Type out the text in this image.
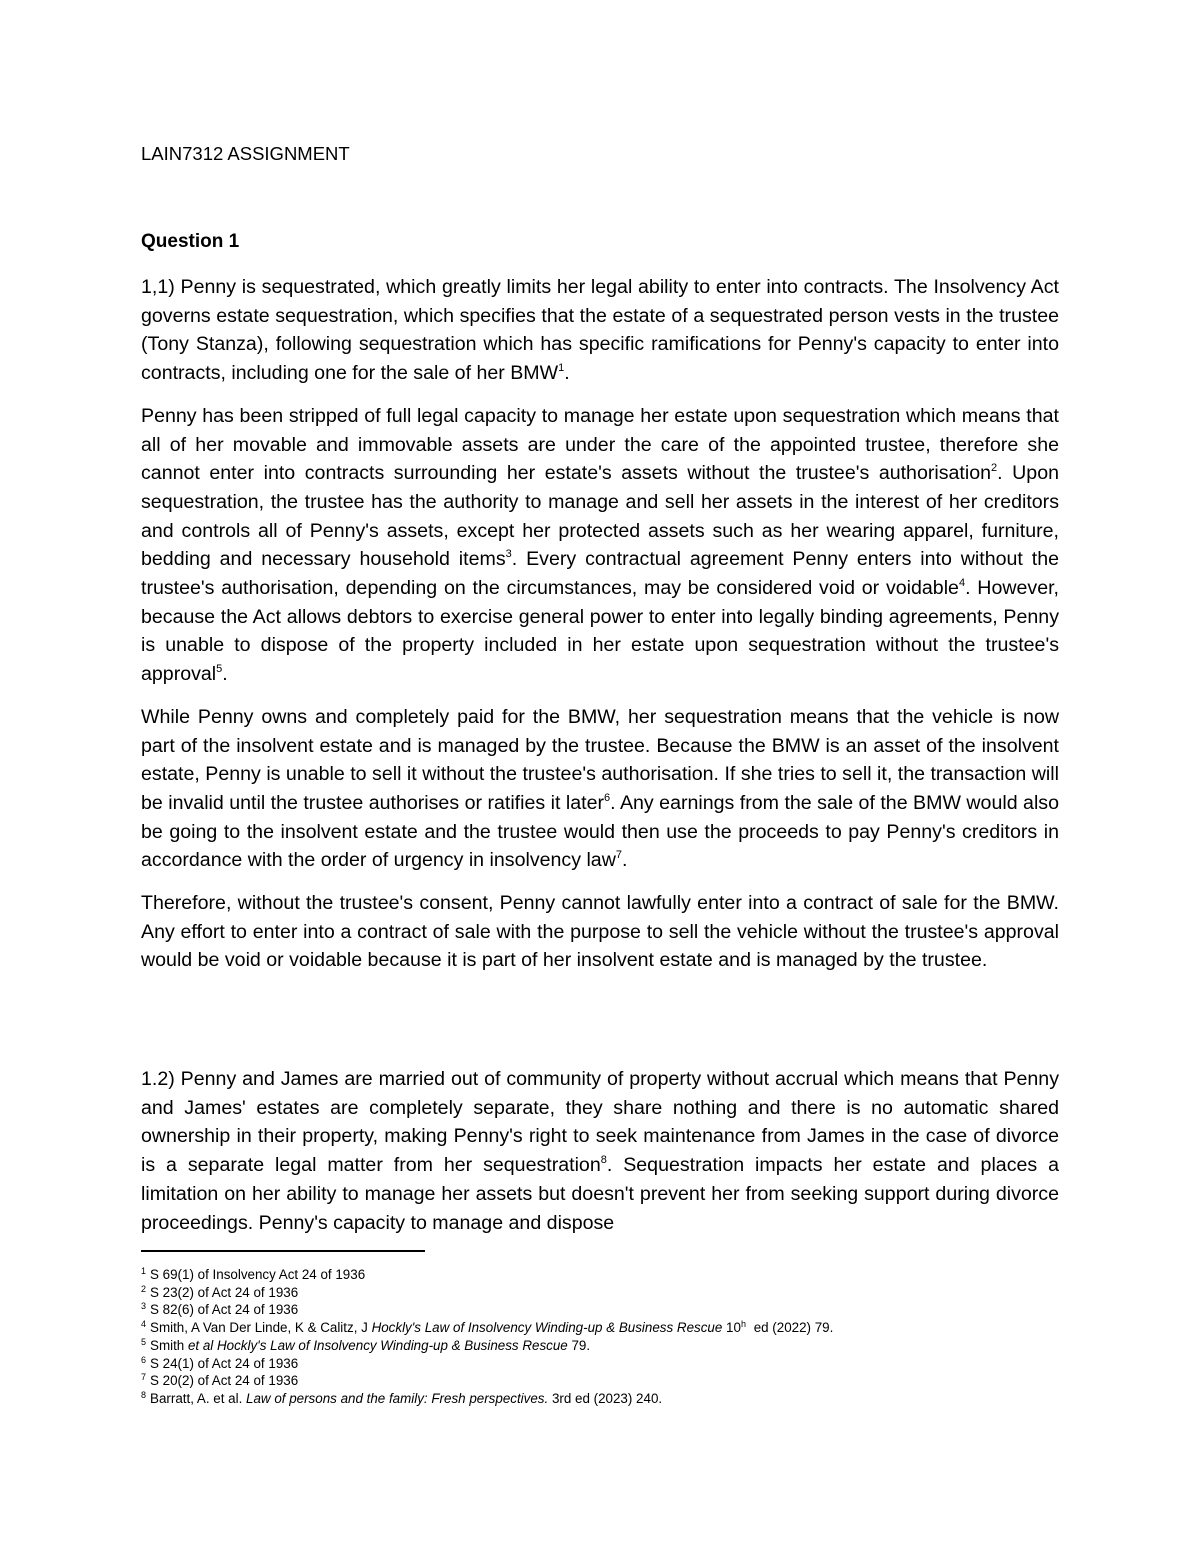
LAIN7312 ASSIGNMENT
Question 1

1,1) Penny is sequestrated, which greatly limits her legal ability to enter into contracts. The Insolvency Act governs estate sequestration, which specifies that the estate of a sequestrated person vests in the trustee (Tony Stanza), following sequestration which has specific ramifications for Penny's capacity to enter into contracts, including one for the sale of her BMW$^1$.

Penny has been stripped of full legal capacity to manage her estate upon sequestration which means that all of her movable and immovable assets are under the care of the appointed trustee, therefore she cannot enter into contracts surrounding her estate's assets without the trustee's authorisation$^2$. Upon sequestration, the trustee has the authority to manage and sell her assets in the interest of her creditors and controls all of Penny's assets, except her protected assets such as her wearing apparel, furniture, bedding and necessary household items$^3$. Every contractual agreement Penny enters into without the trustee's authorisation, depending on the circumstances, may be considered void or voidable$^4$. However, because the Act allows debtors to exercise general power to enter into legally binding agreements, Penny is unable to dispose of the property included in her estate upon sequestration without the trustee's approval$^5$.

While Penny owns and completely paid for the BMW, her sequestration means that the vehicle is now part of the insolvent estate and is managed by the trustee. Because the BMW is an asset of the insolvent estate, Penny is unable to sell it without the trustee's authorisation. If she tries to sell it, the transaction will be invalid until the trustee authorises or ratifies it later$^6$. Any earnings from the sale of the BMW would also be going to the insolvent estate and the trustee would then use the proceeds to pay Penny's creditors in accordance with the order of urgency in insolvency law$^7$.

Therefore, without the trustee's consent, Penny cannot lawfully enter into a contract of sale for the BMW. Any effort to enter into a contract of sale with the purpose to sell the vehicle without the trustee's approval would be void or voidable because it is part of her insolvent estate and is managed by the trustee.

1.2) Penny and James are married out of community of property without accrual which means that Penny and James' estates are completely separate, they share nothing and there is no automatic shared ownership in their property, making Penny's right to seek maintenance from James in the case of divorce is a separate legal matter from her sequestration$^8$. Sequestration impacts her estate and places a limitation on her ability to manage her assets but doesn't prevent her from seeking support during divorce proceedings. Penny's capacity to manage and dispose

$^1$ S 69(1) of Insolvency Act 24 of 1936
$^2$ S 23(2) of Act 24 of 1936
$^3$ S 82(6) of Act 24 of 1936
$^4$ Smith, A Van Der Linde, K & Calitz, J Hockly's Law of Insolvency Winding-up & Business Rescue 10$^h$ ed (2022) 79.
$^5$ Smith et al Hockly's Law of Insolvency Winding-up & Business Rescue 79.
$^6$ S 24(1) of Act 24 of 1936
$^7$ S 20(2) of Act 24 of 1936
$^8$ Barratt, A. et al. Law of persons and the family: Fresh perspectives. 3rd ed (2023) 240.
